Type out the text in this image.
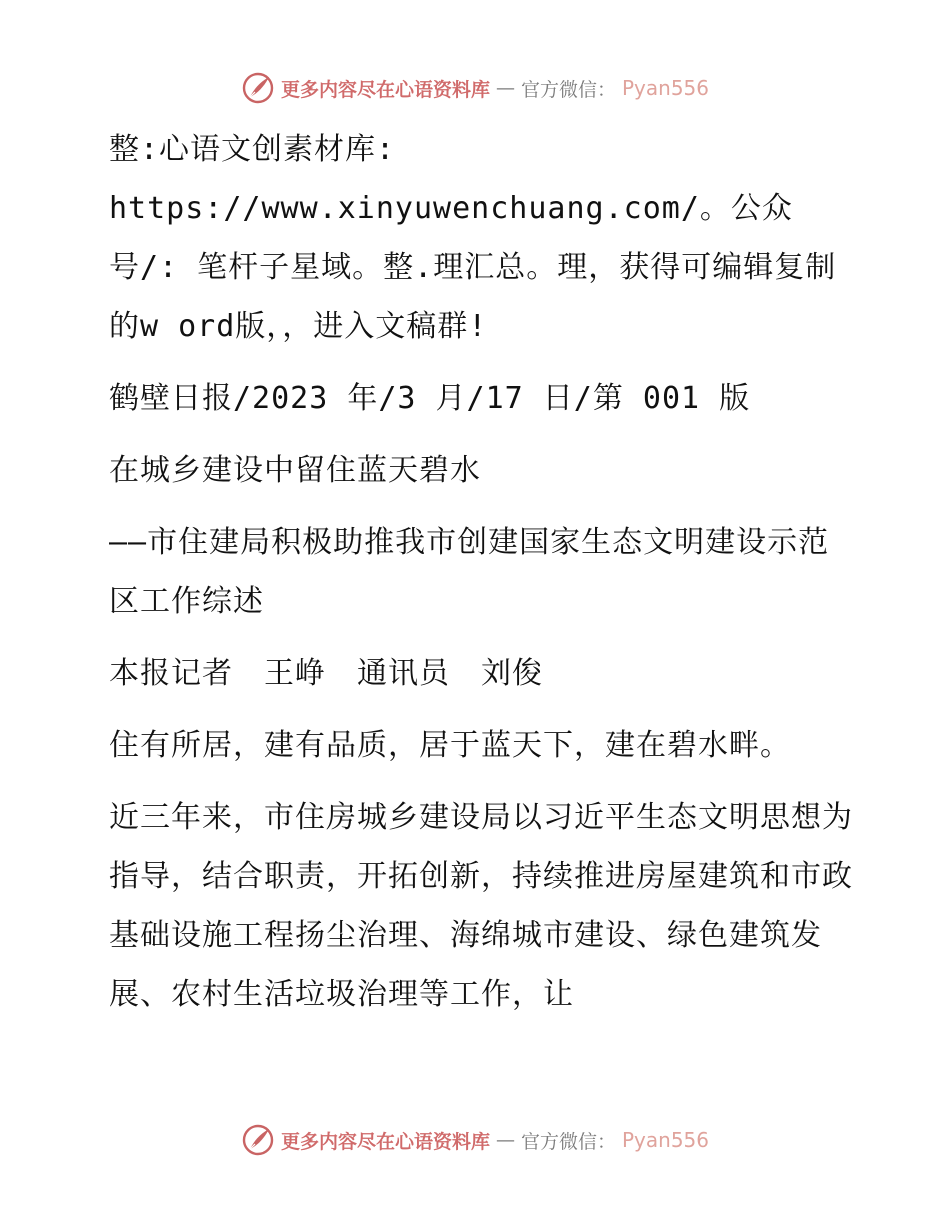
更多内容尽在心语资料库 — 官方微信： Pyan556

整:心语文创素材库: https://www.xinyuwenchuang.com/。公众号/: 笔杆子星域。整.理汇总。理，获得可编辑复制的w ord版，，进入文稿群!

鹤壁日报/2023 年/3 月/17 日/第 001 版

在城乡建设中留住蓝天碧水

——市住建局积极助推我市创建国家生态文明建设示范区工作综述

本报记者　王峥　通讯员　刘俊

住有所居，建有品质，居于蓝天下，建在碧水畔。

近三年来，市住房城乡建设局以习近平生态文明思想为指导，结合职责，开拓创新，持续推进房屋建筑和市政基础设施工程扬尘治理、海绵城市建设、绿色建筑发展、农村生活垃圾治理等工作，让

更多内容尽在心语资料库 — 官方微信： Pyan556
